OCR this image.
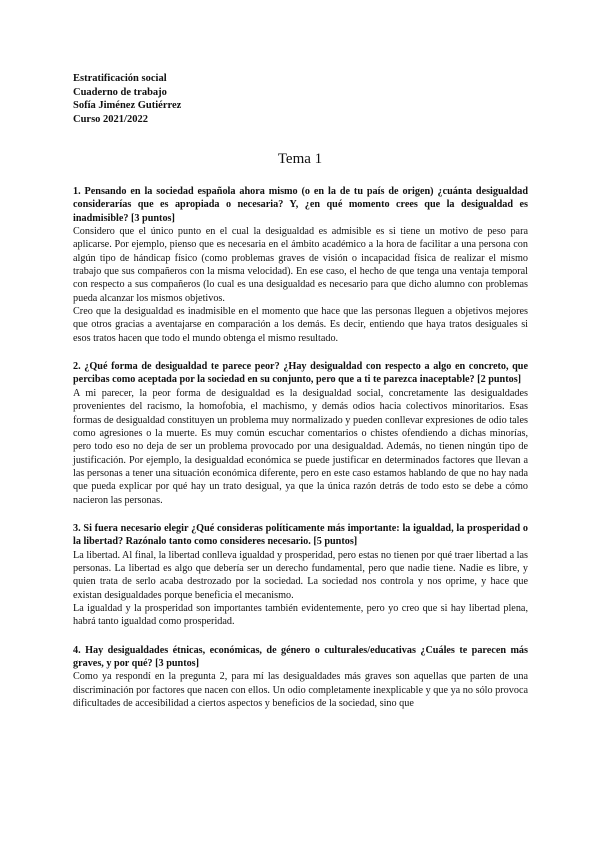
Estratificación social
Cuaderno de trabajo
Sofía Jiménez Gutiérrez
Curso 2021/2022
Tema 1

1. Pensando en la sociedad española ahora mismo (o en la de tu país de origen) ¿cuánta desigualdad considerarías que es apropiada o necesaria? Y, ¿en qué momento crees que la desigualdad es inadmisible? [3 puntos]

Considero que el único punto en el cual la desigualdad es admisible es si tiene un motivo de peso para aplicarse. Por ejemplo, pienso que es necesaria en el ámbito académico a la hora de facilitar a una persona con algún tipo de hándicap físico (como problemas graves de visión o incapacidad física de realizar el mismo trabajo que sus compañeros con la misma velocidad). En ese caso, el hecho de que tenga una ventaja temporal con respecto a sus compañeros (lo cual es una desigualdad es necesario para que dicho alumno con problemas pueda alcanzar los mismos objetivos.

Creo que la desigualdad es inadmisible en el momento que hace que las personas lleguen a objetivos mejores que otros gracias a aventajarse en comparación a los demás. Es decir, entiendo que haya tratos desiguales si esos tratos hacen que todo el mundo obtenga el mismo resultado.

2. ¿Qué forma de desigualdad te parece peor? ¿Hay desigualdad con respecto a algo en concreto, que percibas como aceptada por la sociedad en su conjunto, pero que a ti te parezca inaceptable? [2 puntos]

A mi parecer, la peor forma de desigualdad es la desigualdad social, concretamente las desigualdades provenientes del racismo, la homofobia, el machismo, y demás odios hacia colectivos minoritarios. Esas formas de desigualdad constituyen un problema muy normalizado y pueden conllevar expresiones de odio tales como agresiones o la muerte. Es muy común escuchar comentarios o chistes ofendiendo a dichas minorías, pero todo eso no deja de ser un problema provocado por una desigualdad. Además, no tienen ningún tipo de justificación. Por ejemplo, la desigualdad económica se puede justificar en determinados factores que llevan a las personas a tener una situación económica diferente, pero en este caso estamos hablando de que no hay nada que pueda explicar por qué hay un trato desigual, ya que la única razón detrás de todo esto se debe a cómo nacieron las personas.

3. Si fuera necesario elegir ¿Qué consideras políticamente más importante: la igualdad, la prosperidad o la libertad? Razónalo tanto como consideres necesario. [5 puntos]

La libertad. Al final, la libertad conlleva igualdad y prosperidad, pero estas no tienen por qué traer libertad a las personas. La libertad es algo que debería ser un derecho fundamental, pero que nadie tiene. Nadie es libre, y quien trata de serlo acaba destrozado por la sociedad. La sociedad nos controla y nos oprime, y hace que existan desigualdades porque beneficia el mecanismo.

La igualdad y la prosperidad son importantes también evidentemente, pero yo creo que si hay libertad plena, habrá tanto igualdad como prosperidad.

4. Hay desigualdades étnicas, económicas, de género o culturales/educativas ¿Cuáles te parecen más graves, y por qué? [3 puntos]

Como ya respondí en la pregunta 2, para mí las desigualdades más graves son aquellas que parten de una discriminación por factores que nacen con ellos. Un odio completamente inexplicable y que ya no sólo provoca dificultades de accesibilidad a ciertos aspectos y beneficios de la sociedad, sino que
